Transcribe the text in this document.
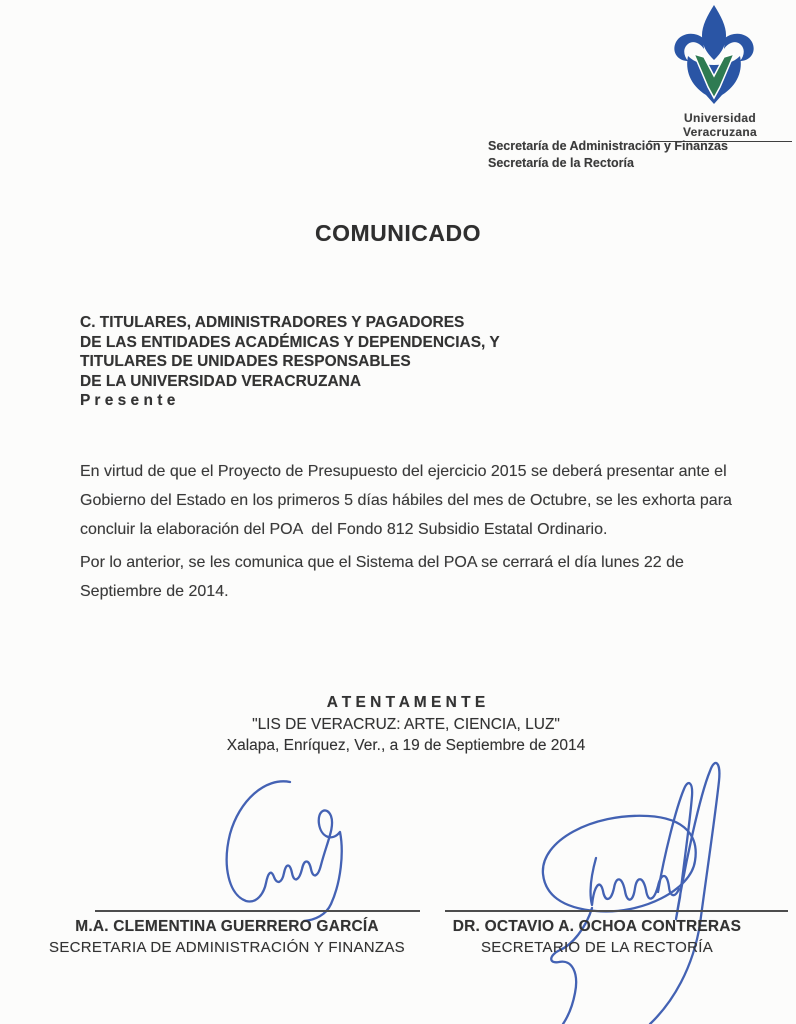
Universidad Veracruzana
Secretaría de Administración y Finanzas
Secretaría de la Rectoría
COMUNICADO
C. TITULARES, ADMINISTRADORES Y PAGADORES
DE LAS ENTIDADES ACADÉMICAS Y DEPENDENCIAS, Y
TITULARES DE UNIDADES RESPONSABLES
DE LA UNIVERSIDAD VERACRUZANA
P r e s e n t e

En virtud de que el Proyecto de Presupuesto del ejercicio 2015 se deberá presentar ante el Gobierno del Estado en los primeros 5 días hábiles del mes de Octubre, se les exhorta para concluir la elaboración del POA  del Fondo 812 Subsidio Estatal Ordinario.

Por lo anterior, se les comunica que el Sistema del POA se cerrará el día lunes 22 de Septiembre de 2014.

A T E N T A M E N T E
"LIS DE VERACRUZ: ARTE, CIENCIA, LUZ"
Xalapa, Enríquez, Ver., a 19 de Septiembre de 2014
M.A. CLEMENTINA GUERRERO GARCÍA
SECRETARIA DE ADMINISTRACIÓN Y FINANZAS
DR. OCTAVIO A. OCHOA CONTRERAS
SECRETARIO DE LA RECTORÍA
